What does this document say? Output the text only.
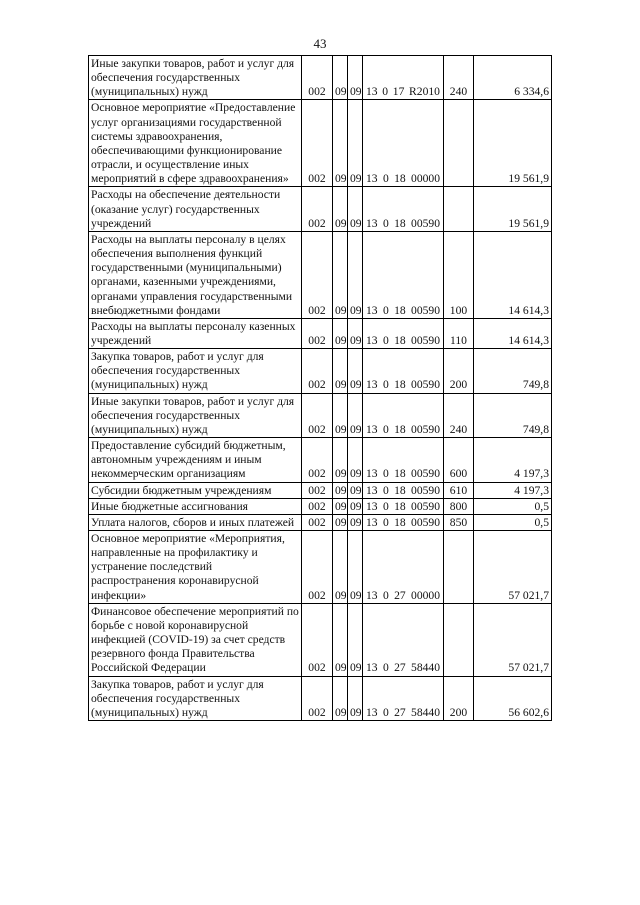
43
Иные закупки товаров, работ и услуг для обеспечения государственных (муниципальных) нужд	002	09	09	13 0 17 R2010	240	6 334,6
Основное мероприятие «Предоставление услуг организациями государственной системы здравоохранения, обеспечивающими функционирование отрасли, и осуществление иных мероприятий в сфере здравоохранения»	002	09	09	13 0 18 00000		19 561,9
Расходы на обеспечение деятельности (оказание услуг) государственных учреждений	002	09	09	13 0 18 00590		19 561,9
Расходы на выплаты персоналу в целях обеспечения выполнения функций государственными (муниципальными) органами, казенными учреждениями, органами управления государственными внебюджетными фондами	002	09	09	13 0 18 00590	100	14 614,3
Расходы на выплаты персоналу казенных учреждений	002	09	09	13 0 18 00590	110	14 614,3
Закупка товаров, работ и услуг для обеспечения государственных (муниципальных) нужд	002	09	09	13 0 18 00590	200	749,8
Иные закупки товаров, работ и услуг для обеспечения государственных (муниципальных) нужд	002	09	09	13 0 18 00590	240	749,8
Предоставление субсидий бюджетным, автономным учреждениям и иным некоммерческим организациям	002	09	09	13 0 18 00590	600	4 197,3
Субсидии бюджетным учреждениям	002	09	09	13 0 18 00590	610	4 197,3
Иные бюджетные ассигнования	002	09	09	13 0 18 00590	800	0,5
Уплата налогов, сборов и иных платежей	002	09	09	13 0 18 00590	850	0,5
Основное мероприятие «Мероприятия, направленные на профилактику и устранение последствий распространения коронавирусной инфекции»	002	09	09	13 0 27 00000		57 021,7
Финансовое обеспечение мероприятий по борьбе с новой коронавирусной инфекцией (COVID-19) за счет средств резервного фонда Правительства Российской Федерации	002	09	09	13 0 27 58440		57 021,7
Закупка товаров, работ и услуг для обеспечения государственных (муниципальных) нужд	002	09	09	13 0 27 58440	200	56 602,6
